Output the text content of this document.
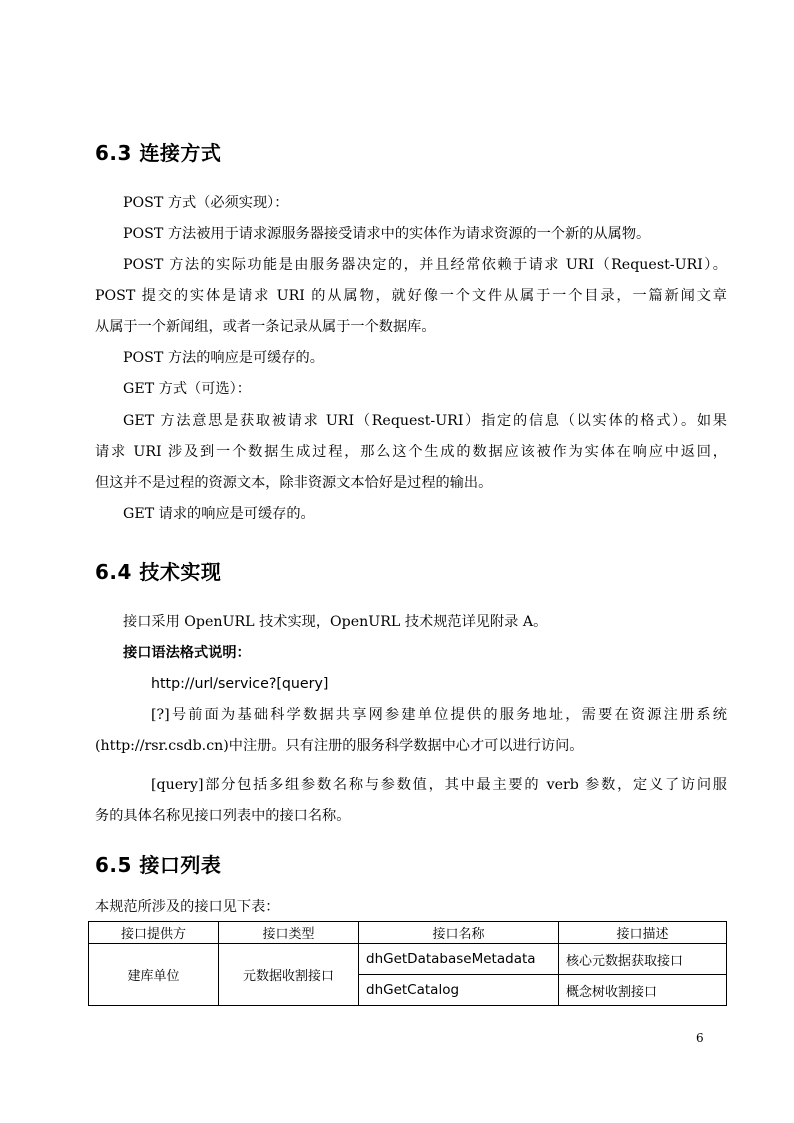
6.3 连接方式

POST 方式（必须实现）：

POST 方法被用于请求源服务器接受请求中的实体作为请求资源的一个新的从属物。

POST 方法的实际功能是由服务器决定的，并且经常依赖于请求 URI（Request-URI）。

POST 提交的实体是请求 URI 的从属物，就好像一个文件从属于一个目录，一篇新闻文章

从属于一个新闻组，或者一条记录从属于一个数据库。

POST 方法的响应是可缓存的。

GET 方式（可选）：

GET 方法意思是获取被请求 URI（Request-URI）指定的信息（以实体的格式）。如果

请求 URI 涉及到一个数据生成过程，那么这个生成的数据应该被作为实体在响应中返回，

但这并不是过程的资源文本，除非资源文本恰好是过程的输出。

GET 请求的响应是可缓存的。

6.4 技术实现

接口采用 OpenURL 技术实现，OpenURL 技术规范详见附录 A。

接口语法格式说明：

http://url/service?[query]

[?]号前面为基础科学数据共享网参建单位提供的服务地址，需要在资源注册系统

(http://rsr.csdb.cn)中注册。只有注册的服务科学数据中心才可以进行访问。

[query]部分包括多组参数名称与参数值，其中最主要的 verb 参数，定义了访问服

务的具体名称见接口列表中的接口名称。

6.5 接口列表

本规范所涉及的接口见下表：

接口提供方	接口类型	接口名称	接口描述
建库单位	元数据收割接口	dhGetDatabaseMetadata	核心元数据获取接口
		dhGetCatalog	概念树收割接口
6
